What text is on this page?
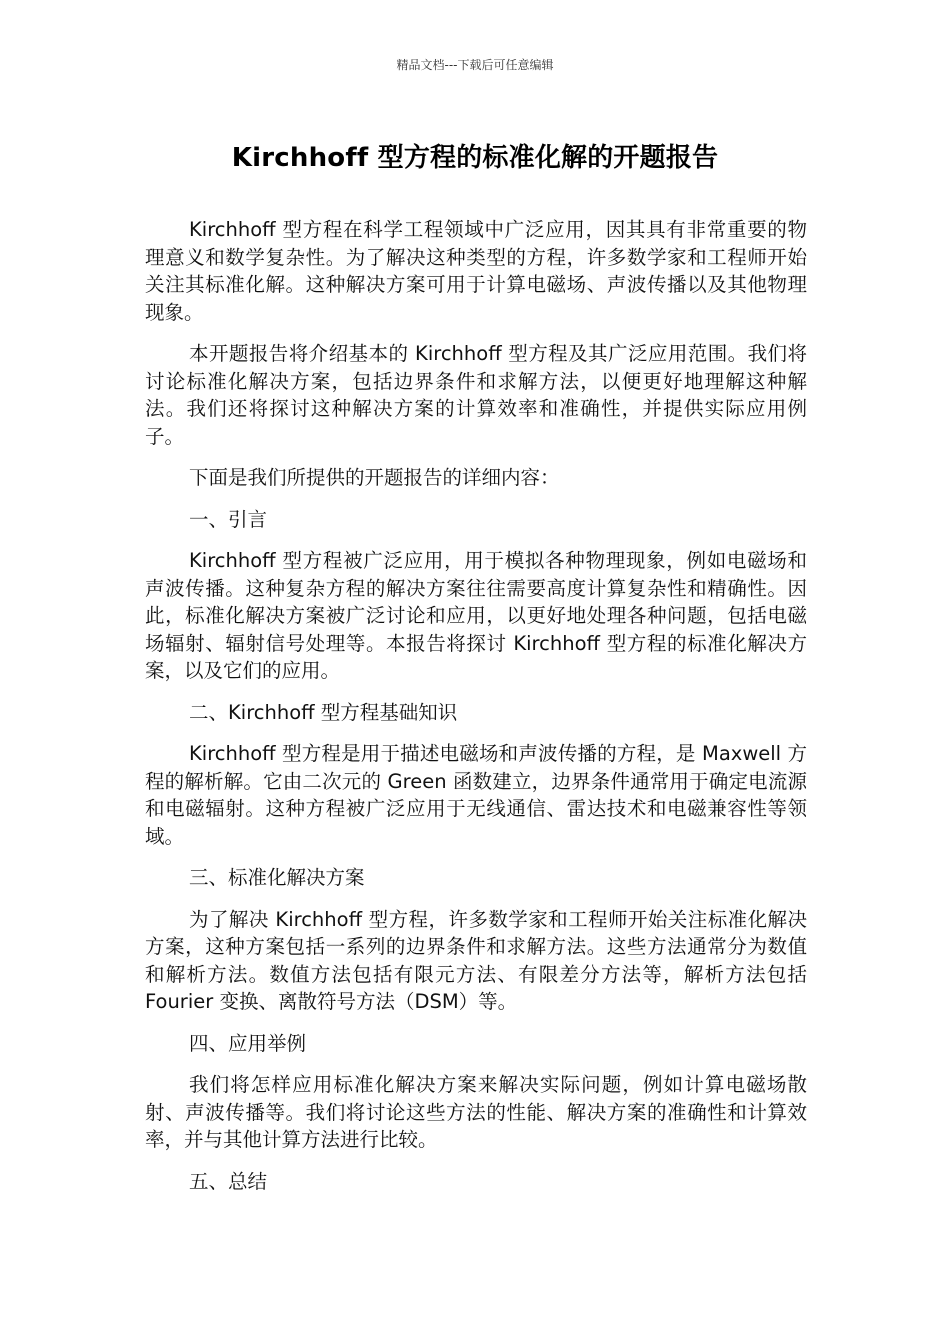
精品文档---下载后可任意编辑
Kirchhoff 型方程的标准化解的开题报告

Kirchhoff 型方程在科学工程领域中广泛应用，因其具有非常重要的物理意义和数学复杂性。为了解决这种类型的方程，许多数学家和工程师开始关注其标准化解。这种解决方案可用于计算电磁场、声波传播以及其他物理现象。

本开题报告将介绍基本的 Kirchhoff 型方程及其广泛应用范围。我们将讨论标准化解决方案，包括边界条件和求解方法，以便更好地理解这种解法。我们还将探讨这种解决方案的计算效率和准确性，并提供实际应用例子。

下面是我们所提供的开题报告的详细内容：

一、引言

Kirchhoff 型方程被广泛应用，用于模拟各种物理现象，例如电磁场和声波传播。这种复杂方程的解决方案往往需要高度计算复杂性和精确性。因此，标准化解决方案被广泛讨论和应用，以更好地处理各种问题，包括电磁场辐射、辐射信号处理等。本报告将探讨 Kirchhoff 型方程的标准化解决方案，以及它们的应用。

二、Kirchhoff 型方程基础知识

Kirchhoff 型方程是用于描述电磁场和声波传播的方程，是 Maxwell 方程的解析解。它由二次元的 Green 函数建立，边界条件通常用于确定电流源和电磁辐射。这种方程被广泛应用于无线通信、雷达技术和电磁兼容性等领域。

三、标准化解决方案

为了解决 Kirchhoff 型方程，许多数学家和工程师开始关注标准化解决方案，这种方案包括一系列的边界条件和求解方法。这些方法通常分为数值和解析方法。数值方法包括有限元方法、有限差分方法等，解析方法包括 Fourier 变换、离散符号方法（DSM）等。

四、应用举例

我们将怎样应用标准化解决方案来解决实际问题，例如计算电磁场散射、声波传播等。我们将讨论这些方法的性能、解决方案的准确性和计算效率，并与其他计算方法进行比较。

五、总结
